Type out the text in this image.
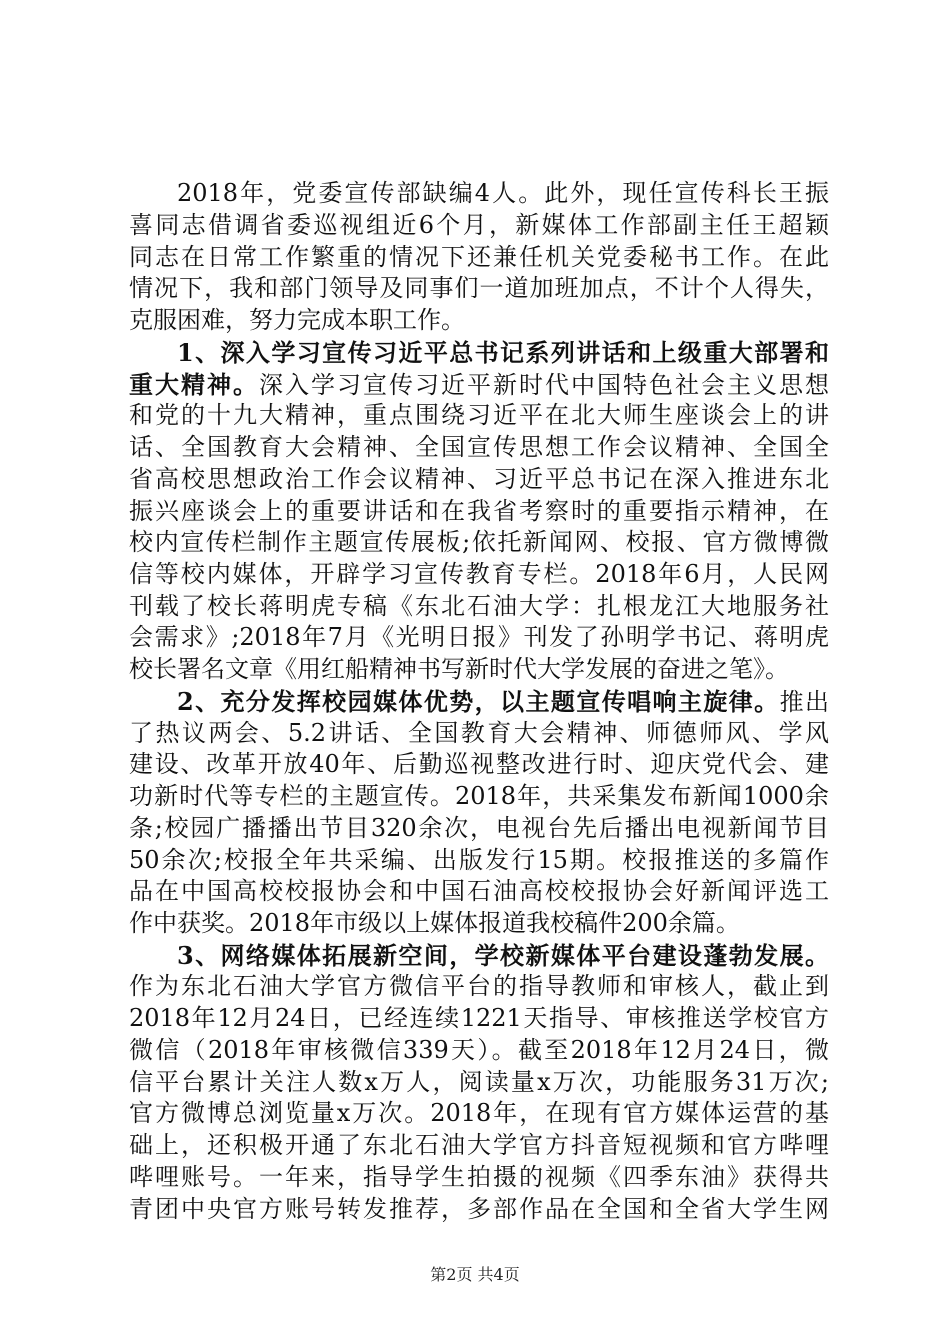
2018年，党委宣传部缺编4人。此外，现任宣传科长王振
喜同志借调省委巡视组近6个月，新媒体工作部副主任王超颖
同志在日常工作繁重的情况下还兼任机关党委秘书工作。在此
情况下，我和部门领导及同事们一道加班加点，不计个人得失，
克服困难，努力完成本职工作。
1、深入学习宣传习近平总书记系列讲话和上级重大部署和
重大精神。深入学习宣传习近平新时代中国特色社会主义思想
和党的十九大精神，重点围绕习近平在北大师生座谈会上的讲
话、全国教育大会精神、全国宣传思想工作会议精神、全国全
省高校思想政治工作会议精神、习近平总书记在深入推进东北
振兴座谈会上的重要讲话和在我省考察时的重要指示精神，在
校内宣传栏制作主题宣传展板;依托新闻网、校报、官方微博微
信等校内媒体，开辟学习宣传教育专栏。2018年6月，人民网
刊载了校长蒋明虎专稿《东北石油大学：扎根龙江大地服务社
会需求》;2018年7月《光明日报》刊发了孙明学书记、蒋明虎
校长署名文章《用红船精神书写新时代大学发展的奋进之笔》。
2、充分发挥校园媒体优势，以主题宣传唱响主旋律。推出
了热议两会、5.2讲话、全国教育大会精神、师德师风、学风
建设、改革开放40年、后勤巡视整改进行时、迎庆党代会、建
功新时代等专栏的主题宣传。2018年，共采集发布新闻1000余
条;校园广播播出节目320余次，电视台先后播出电视新闻节目
50余次;校报全年共采编、出版发行15期。校报推送的多篇作
品在中国高校校报协会和中国石油高校校报协会好新闻评选工
作中获奖。2018年市级以上媒体报道我校稿件200余篇。
3、网络媒体拓展新空间，学校新媒体平台建设蓬勃发展。
作为东北石油大学官方微信平台的指导教师和审核人，截止到
2018年12月24日，已经连续1221天指导、审核推送学校官方
微信（2018年审核微信339天）。截至2018年12月24日，微
信平台累计关注人数x万人，阅读量x万次，功能服务31万次;
官方微博总浏览量x万次。2018年，在现有官方媒体运营的基
础上，还积极开通了东北石油大学官方抖音短视频和官方哔哩
哔哩账号。一年来，指导学生拍摄的视频《四季东油》获得共
青团中央官方账号转发推荐，多部作品在全国和全省大学生网
第2页 共4页
